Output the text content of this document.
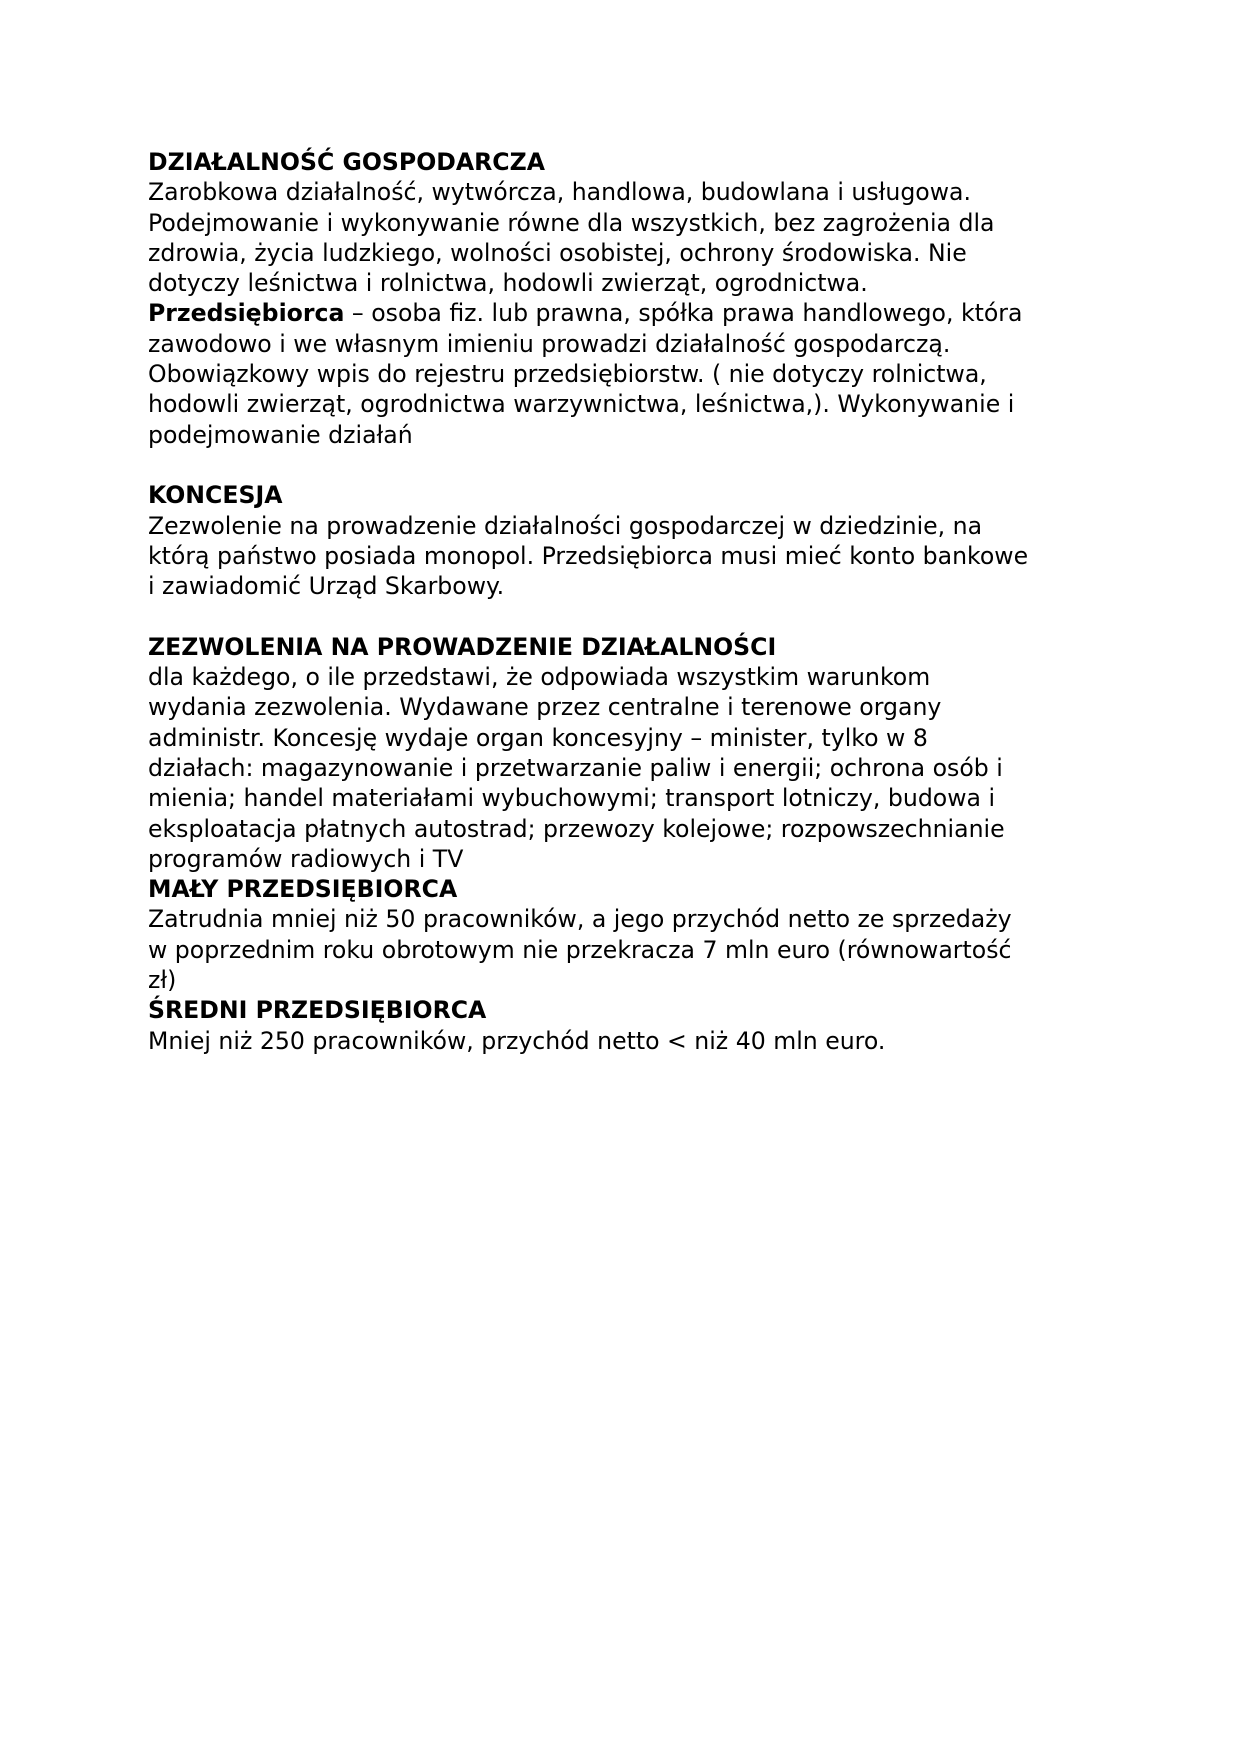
DZIAŁALNOŚĆ GOSPODARCZA
Zarobkowa działalność, wytwórcza, handlowa, budowlana i usługowa.
Podejmowanie i wykonywanie równe dla wszystkich, bez zagrożenia dla
zdrowia, życia ludzkiego, wolności osobistej, ochrony środowiska. Nie
dotyczy leśnictwa i rolnictwa, hodowli zwierząt, ogrodnictwa.
Przedsiębiorca – osoba fiz. lub prawna, spółka prawa handlowego, która
zawodowo i we własnym imieniu prowadzi działalność gospodarczą.
Obowiązkowy wpis do rejestru przedsiębiorstw. ( nie dotyczy rolnictwa,
hodowli zwierząt, ogrodnictwa warzywnictwa, leśnictwa,). Wykonywanie i
podejmowanie działań
KONCESJA
Zezwolenie na prowadzenie działalności gospodarczej w dziedzinie, na
którą państwo posiada monopol. Przedsiębiorca musi mieć konto bankowe
i zawiadomić Urząd Skarbowy.
ZEZWOLENIA NA PROWADZENIE DZIAŁALNOŚCI
dla każdego, o ile przedstawi, że odpowiada wszystkim warunkom
wydania zezwolenia. Wydawane przez centralne i terenowe organy
administr. Koncesję wydaje organ koncesyjny – minister, tylko w 8
działach: magazynowanie i przetwarzanie paliw i energii; ochrona osób i
mienia; handel materiałami wybuchowymi; transport lotniczy, budowa i
eksploatacja płatnych autostrad; przewozy kolejowe; rozpowszechnianie
programów radiowych i TV
MAŁY PRZEDSIĘBIORCA
Zatrudnia mniej niż 50 pracowników, a jego przychód netto ze sprzedaży
w poprzednim roku obrotowym nie przekracza 7 mln euro (równowartość
zł)
ŚREDNI PRZEDSIĘBIORCA
Mniej niż 250 pracowników, przychód netto < niż 40 mln euro.
